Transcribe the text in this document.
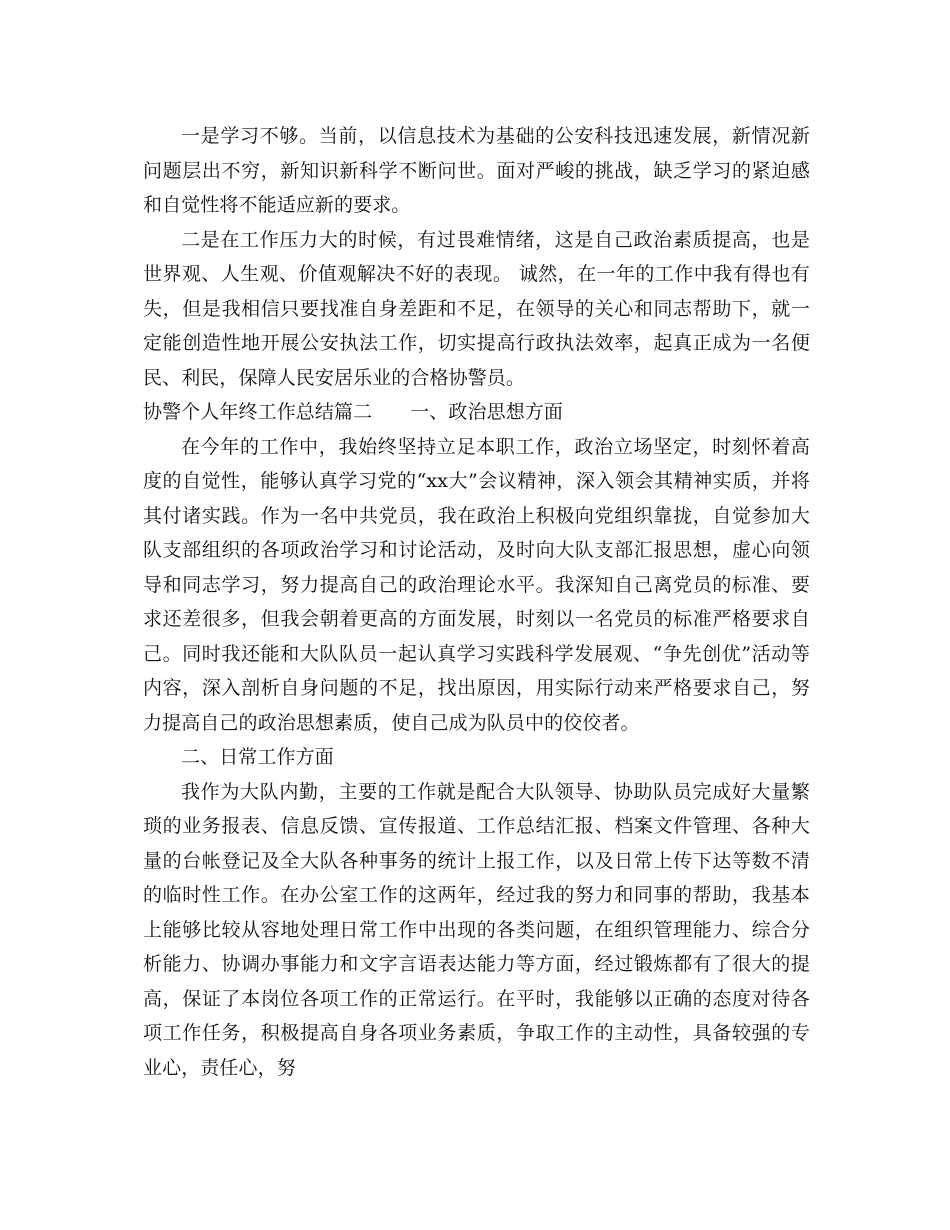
一是学习不够。当前，以信息技术为基础的公安科技迅速发展，新情况新问题层出不穷，新知识新科学不断问世。面对严峻的挑战，缺乏学习的紧迫感和自觉性将不能适应新的要求。

二是在工作压力大的时候，有过畏难情绪，这是自己政治素质提高，也是世界观、人生观、价值观解决不好的表现。 诚然，在一年的工作中我有得也有失，但是我相信只要找准自身差距和不足，在领导的关心和同志帮助下，就一定能创造性地开展公安执法工作，切实提高行政执法效率，起真正成为一名便民、利民，保障人民安居乐业的合格协警员。

协警个人年终工作总结篇二 一、政治思想方面

在今年的工作中，我始终坚持立足本职工作，政治立场坚定，时刻怀着高度的自觉性，能够认真学习党的“xx大”会议精神，深入领会其精神实质，并将其付诸实践。作为一名中共党员，我在政治上积极向党组织靠拢，自觉参加大队支部组织的各项政治学习和讨论活动，及时向大队支部汇报思想，虚心向领导和同志学习，努力提高自己的政治理论水平。我深知自己离党员的标准、要求还差很多，但我会朝着更高的方面发展，时刻以一名党员的标准严格要求自己。同时我还能和大队队员一起认真学习实践科学发展观、“争先创优”活动等内容，深入剖析自身问题的不足，找出原因，用实际行动来严格要求自己，努力提高自己的政治思想素质，使自己成为队员中的佼佼者。

二、日常工作方面

我作为大队内勤，主要的工作就是配合大队领导、协助队员完成好大量繁琐的业务报表、信息反馈、宣传报道、工作总结汇报、档案文件管理、各种大量的台帐登记及全大队各种事务的统计上报工作，以及日常上传下达等数不清的临时性工作。在办公室工作的这两年，经过我的努力和同事的帮助，我基本上能够比较从容地处理日常工作中出现的各类问题，在组织管理能力、综合分析能力、协调办事能力和文字言语表达能力等方面，经过锻炼都有了很大的提高，保证了本岗位各项工作的正常运行。在平时，我能够以正确的态度对待各项工作任务，积极提高自身各项业务素质，争取工作的主动性，具备较强的专业心，责任心，努
